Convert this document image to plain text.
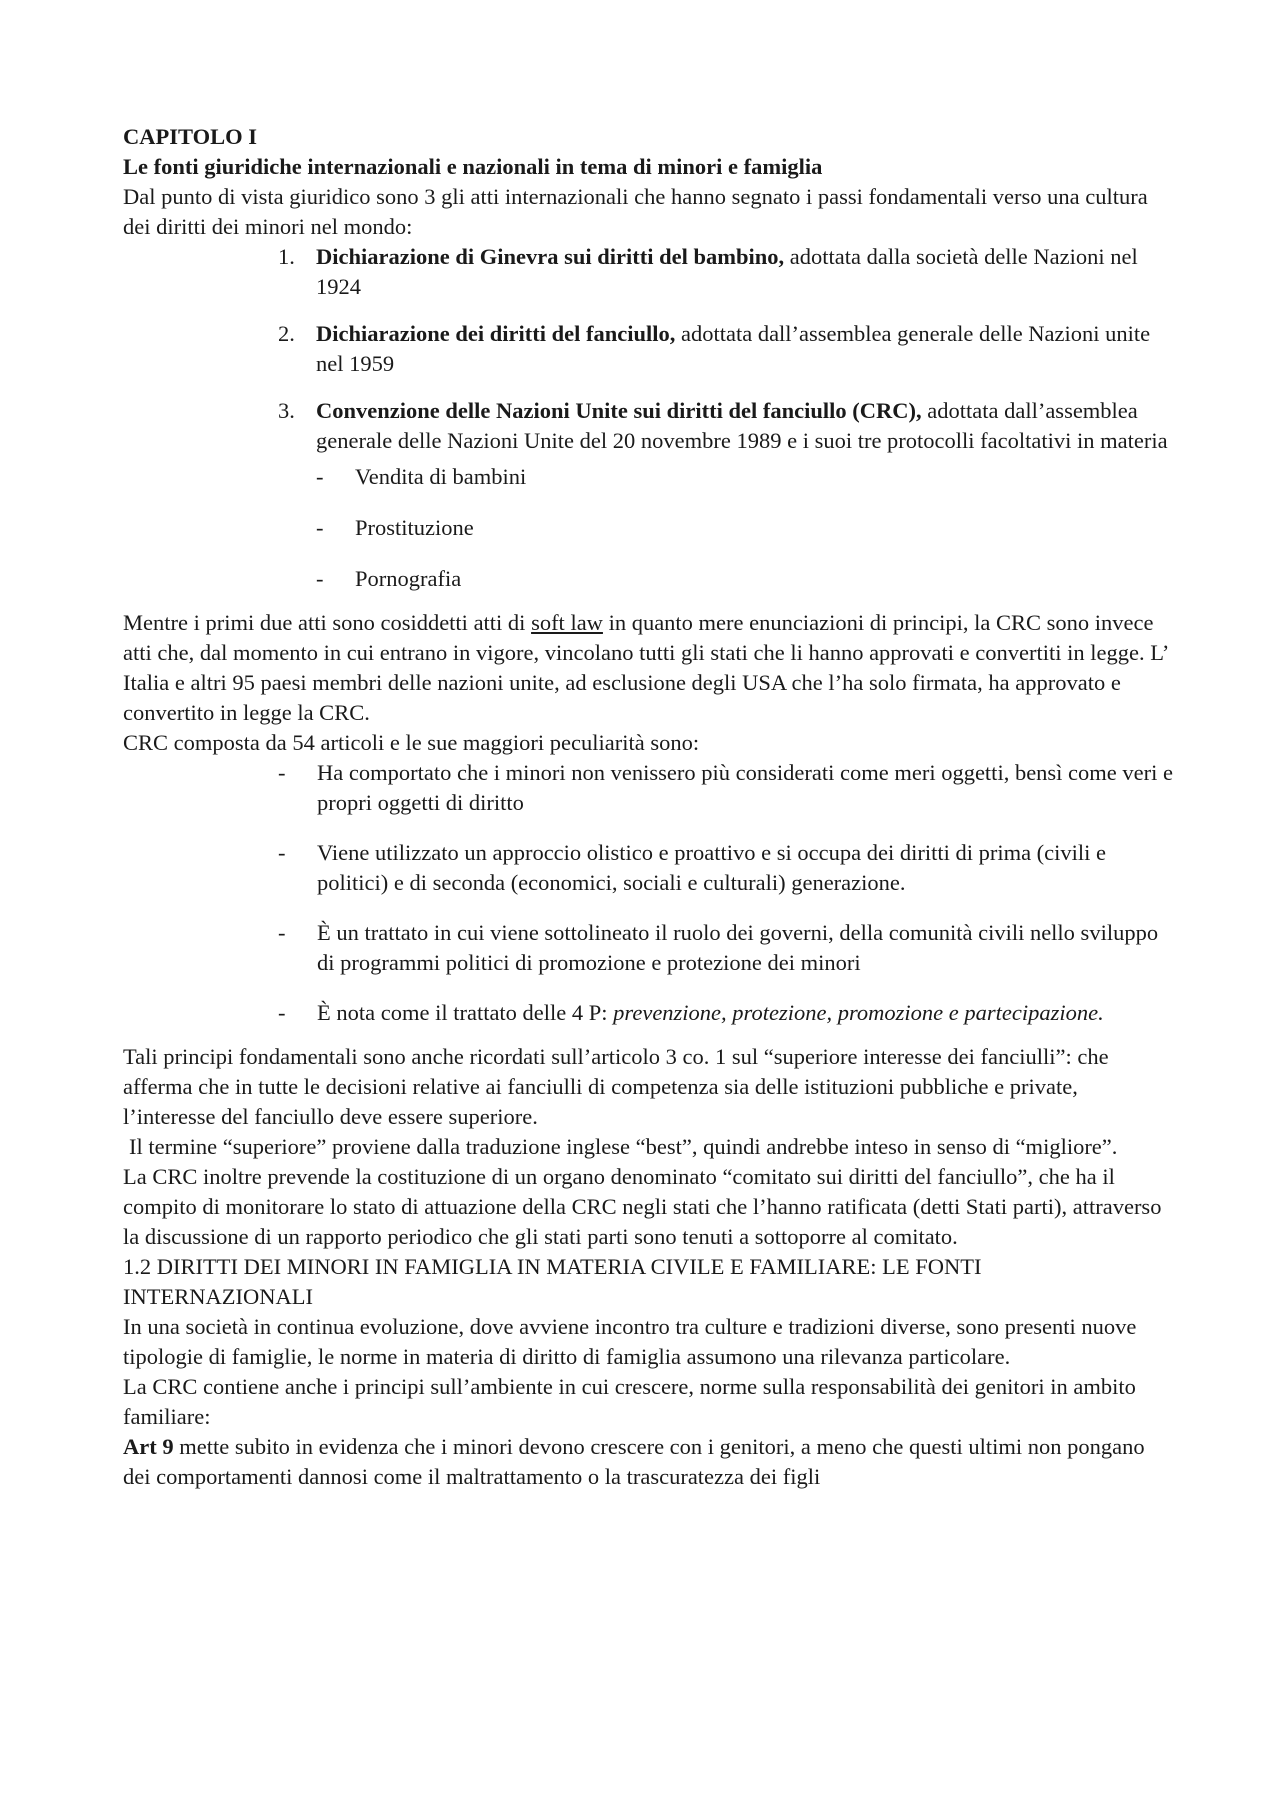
CAPITOLO I

Le fonti giuridiche internazionali e nazionali in tema di minori e famiglia

Dal punto di vista giuridico sono 3 gli atti internazionali che hanno segnato i passi fondamentali verso una cultura dei diritti dei minori nel mondo:

1. Dichiarazione di Ginevra sui diritti del bambino, adottata dalla società delle Nazioni nel 1924
2. Dichiarazione dei diritti del fanciullo, adottata dall’assemblea generale delle Nazioni unite nel 1959
3. Convenzione delle Nazioni Unite sui diritti del fanciullo (CRC), adottata dall’assemblea generale delle Nazioni Unite del 20 novembre 1989 e i suoi tre protocolli facoltativi in materia
- Vendita di bambini
- Prostituzione
- Pornografia

Mentre i primi due atti sono cosiddetti atti di soft law in quanto mere enunciazioni di principi, la CRC sono invece atti che, dal momento in cui entrano in vigore, vincolano tutti gli stati che li hanno approvati e convertiti in legge. L’ Italia e altri 95 paesi membri delle nazioni unite, ad esclusione degli USA che l’ha solo firmata, ha approvato e convertito in legge la CRC.

CRC composta da 54 articoli e le sue maggiori peculiarità sono:

- Ha comportato che i minori non venissero più considerati come meri oggetti, bensì come veri e propri oggetti di diritto
- Viene utilizzato un approccio olistico e proattivo e si occupa dei diritti di prima (civili e politici) e di seconda (economici, sociali e culturali) generazione.
- È un trattato in cui viene sottolineato il ruolo dei governi, della comunità civili nello sviluppo di programmi politici di promozione e protezione dei minori
- È nota come il trattato delle 4 P: prevenzione, protezione, promozione e partecipazione.

Tali principi fondamentali sono anche ricordati sull’articolo 3 co. 1 sul “superiore interesse dei fanciulli”: che afferma che in tutte le decisioni relative ai fanciulli di competenza sia delle istituzioni pubbliche e private, l’interesse del fanciullo deve essere superiore.

Il termine “superiore” proviene dalla traduzione inglese “best”, quindi andrebbe inteso in senso di “migliore”.

La CRC inoltre prevende la costituzione di un organo denominato “comitato sui diritti del fanciullo”, che ha il compito di monitorare lo stato di attuazione della CRC negli stati che l’hanno ratificata (detti Stati parti), attraverso la discussione di un rapporto periodico che gli stati parti sono tenuti a sottoporre al comitato.

1.2 DIRITTI DEI MINORI IN FAMIGLIA IN MATERIA CIVILE E FAMILIARE: LE FONTI INTERNAZIONALI

In una società in continua evoluzione, dove avviene incontro tra culture e tradizioni diverse, sono presenti nuove tipologie di famiglie, le norme in materia di diritto di famiglia assumono una rilevanza particolare.

La CRC contiene anche i principi sull’ambiente in cui crescere, norme sulla responsabilità dei genitori in ambito familiare:

Art 9 mette subito in evidenza che i minori devono crescere con i genitori, a meno che questi ultimi non pongano dei comportamenti dannosi come il maltrattamento o la trascuratezza dei figli
